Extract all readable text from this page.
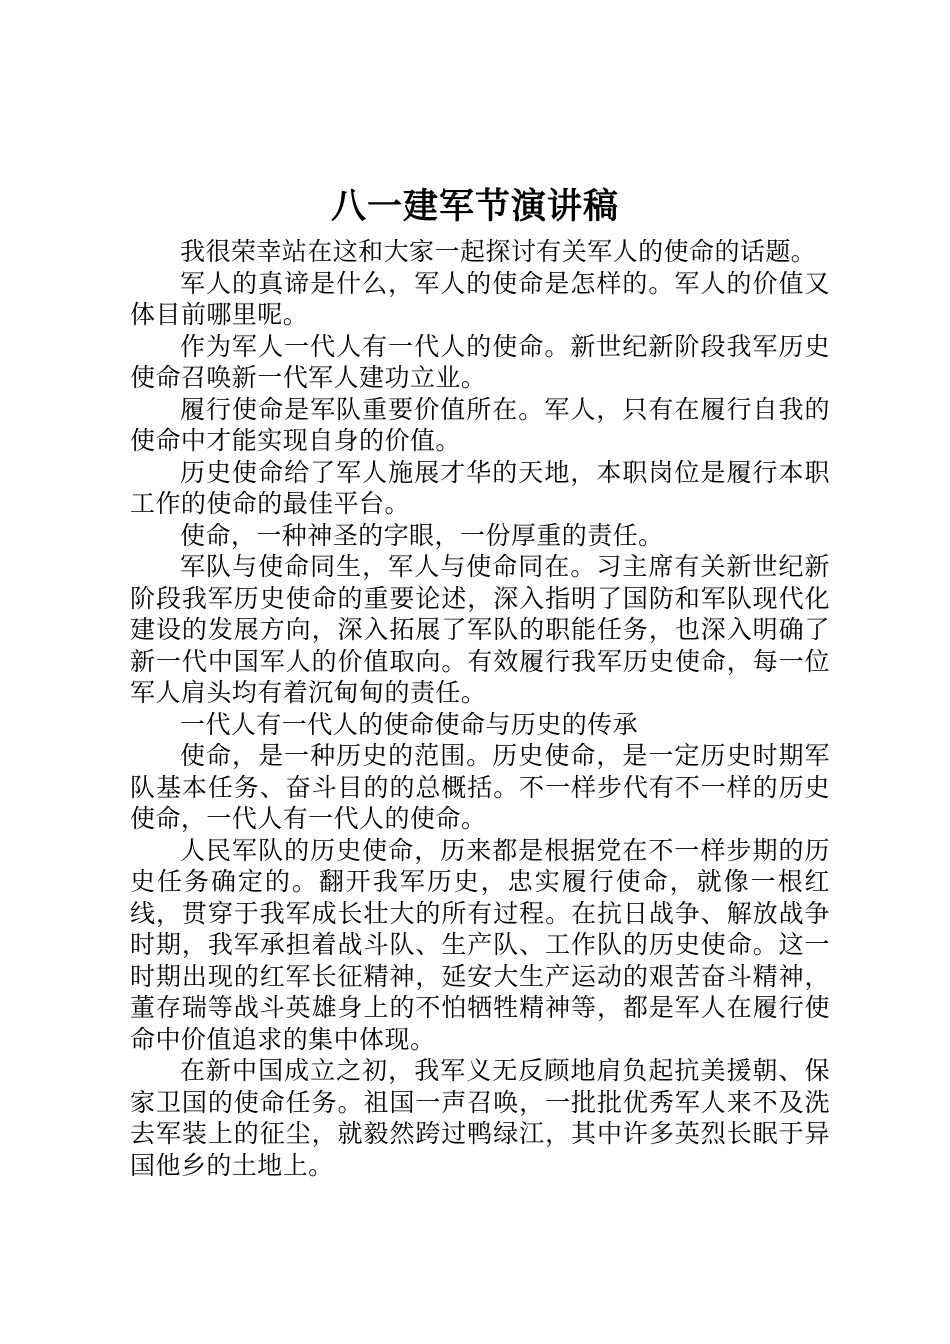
八一建军节演讲稿

我很荣幸站在这和大家一起探讨有关军人的使命的话题。

军人的真谛是什么，军人的使命是怎样的。军人的价值又体目前哪里呢。

作为军人一代人有一代人的使命。新世纪新阶段我军历史使命召唤新一代军人建功立业。

履行使命是军队重要价值所在。军人，只有在履行自我的使命中才能实现自身的价值。

历史使命给了军人施展才华的天地，本职岗位是履行本职工作的使命的最佳平台。

使命，一种神圣的字眼，一份厚重的责任。

军队与使命同生，军人与使命同在。习主席有关新世纪新阶段我军历史使命的重要论述，深入指明了国防和军队现代化建设的发展方向，深入拓展了军队的职能任务，也深入明确了新一代中国军人的价值取向。有效履行我军历史使命，每一位军人肩头均有着沉甸甸的责任。

一代人有一代人的使命使命与历史的传承

使命，是一种历史的范围。历史使命，是一定历史时期军队基本任务、奋斗目的的总概括。不一样步代有不一样的历史使命，一代人有一代人的使命。

人民军队的历史使命，历来都是根据党在不一样步期的历史任务确定的。翻开我军历史，忠实履行使命，就像一根红线，贯穿于我军成长壮大的所有过程。在抗日战争、解放战争时期，我军承担着战斗队、生产队、工作队的历史使命。这一时期出现的红军长征精神，延安大生产运动的艰苦奋斗精神，董存瑞等战斗英雄身上的不怕牺牲精神等，都是军人在履行使命中价值追求的集中体现。

在新中国成立之初，我军义无反顾地肩负起抗美援朝、保家卫国的使命任务。祖国一声召唤，一批批优秀军人来不及洗去军装上的征尘，就毅然跨过鸭绿江，其中许多英烈长眠于异国他乡的土地上。
